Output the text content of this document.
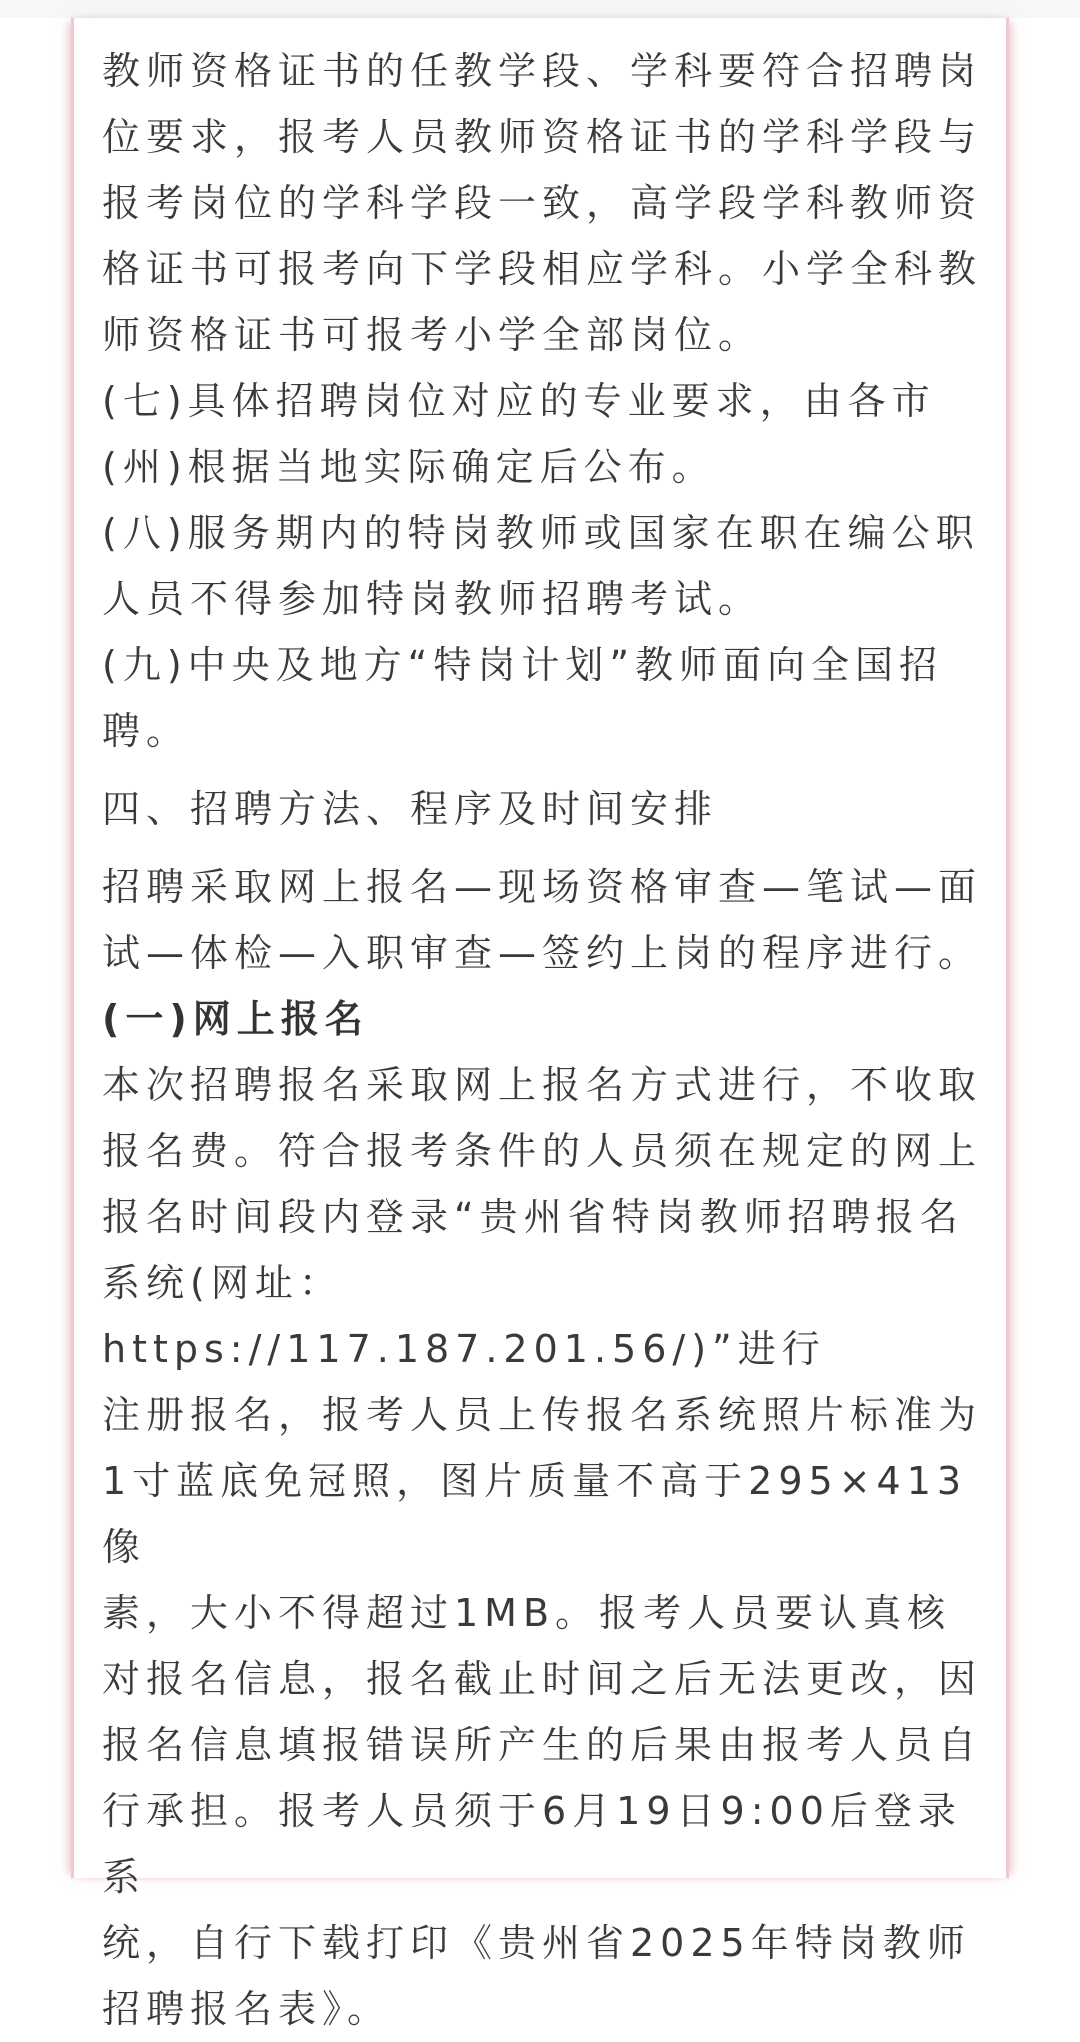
教师资格证书的任教学段、学科要符合招聘岗

位要求，报考人员教师资格证书的学科学段与

报考岗位的学科学段一致，高学段学科教师资

格证书可报考向下学段相应学科。小学全科教

师资格证书可报考小学全部岗位。

(七)具体招聘岗位对应的专业要求，由各市

(州)根据当地实际确定后公布。

(八)服务期内的特岗教师或国家在职在编公职

人员不得参加特岗教师招聘考试。

(九)中央及地方“特岗计划”教师面向全国招

聘。

四、招聘方法、程序及时间安排

招聘采取网上报名—现场资格审查—笔试—面

试—体检—入职审查—签约上岗的程序进行。

(一)网上报名

本次招聘报名采取网上报名方式进行，不收取

报名费。符合报考条件的人员须在规定的网上

报名时间段内登录“贵州省特岗教师招聘报名

系统(网址：https://117.187.201.56/)”进行

注册报名，报考人员上传报名系统照片标准为

1寸蓝底免冠照，图片质量不高于295×413像

素，大小不得超过1MB。报考人员要认真核

对报名信息，报名截止时间之后无法更改，因

报名信息填报错误所产生的后果由报考人员自

行承担。报考人员须于6月19日9:00后登录系

统，自行下载打印《贵州省2025年特岗教师

招聘报名表》。
